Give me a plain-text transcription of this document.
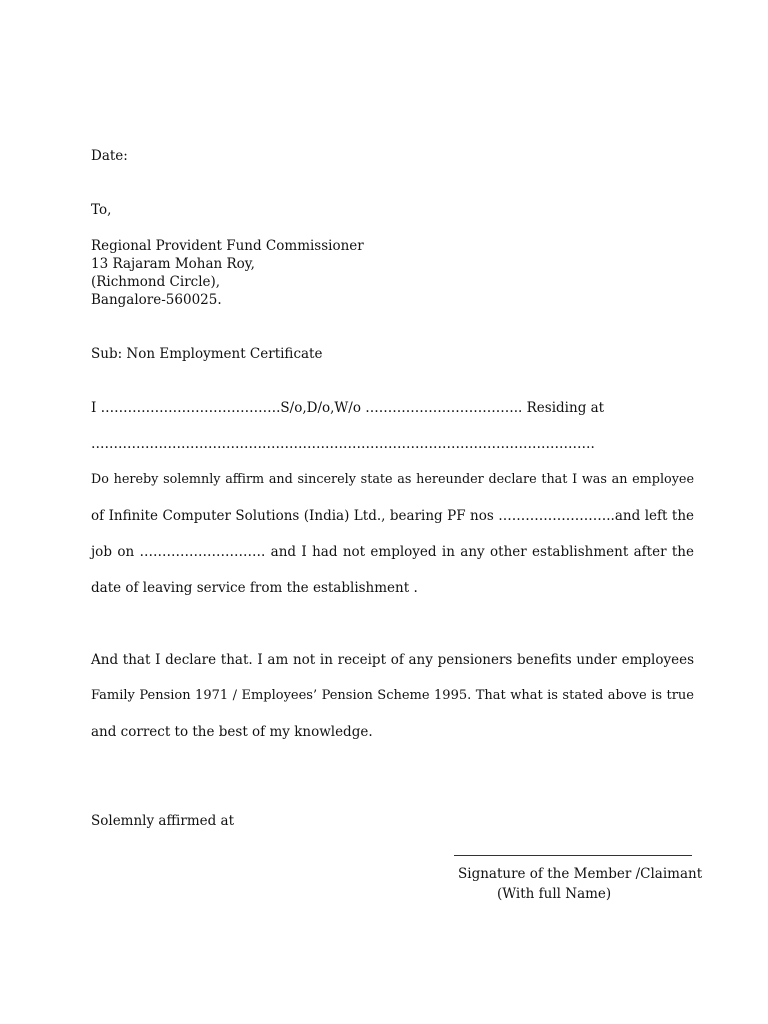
Date:

To,

Regional Provident Fund Commissioner

13 Rajaram Mohan Roy,

(Richmond Circle),

Bangalore-560025.

Sub: Non Employment Certificate

I ………………………………….S/o,D/o,W/o …………………………….. Residing at

………………………………………………………………………………………………….

Do hereby solemnly affirm and sincerely state as hereunder declare that I was an employee

of Infinite Computer Solutions (India) Ltd., bearing PF nos ……………………..and left the

job on ………………………. and I had not employed in any other establishment after the

date of leaving service from the establishment .

And that I declare that. I am not in receipt of any pensioners benefits under employees

Family Pension 1971 / Employees’ Pension Scheme 1995. That what is stated above is true

and correct to the best of my knowledge.

Solemnly affirmed at

Signature of the Member /Claimant

(With full Name)
